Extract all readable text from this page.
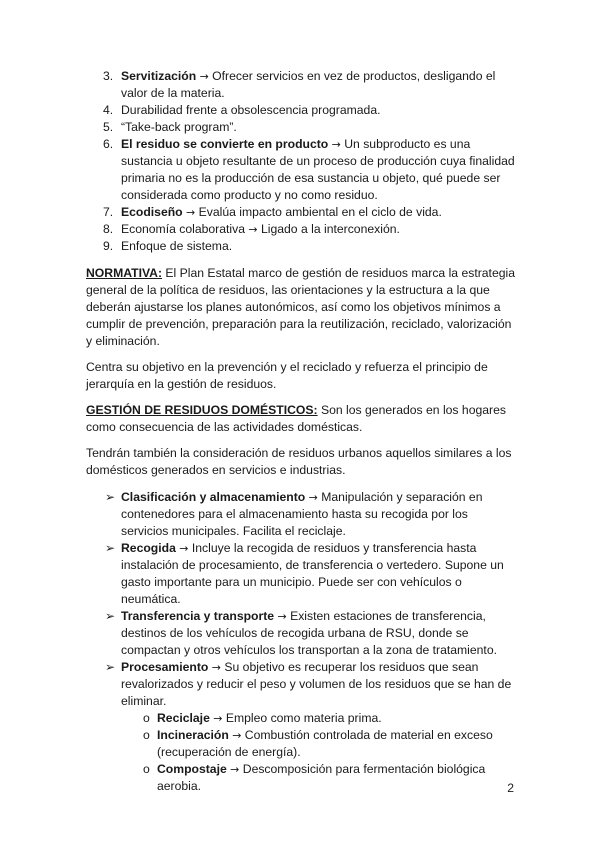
3. Servitización → Ofrecer servicios en vez de productos, desligando el valor de la materia.
4. Durabilidad frente a obsolescencia programada.
5. “Take-back program”.
6. El residuo se convierte en producto → Un subproducto es una sustancia u objeto resultante de un proceso de producción cuya finalidad primaria no es la producción de esa sustancia u objeto, qué puede ser considerada como producto y no como residuo.
7. Ecodiseño → Evalúa impacto ambiental en el ciclo de vida.
8. Economía colaborativa → Ligado a la interconexión.
9. Enfoque de sistema.

NORMATIVA: El Plan Estatal marco de gestión de residuos marca la estrategia general de la política de residuos, las orientaciones y la estructura a la que deberán ajustarse los planes autonómicos, así como los objetivos mínimos a cumplir de prevención, preparación para la reutilización, reciclado, valorización y eliminación.

Centra su objetivo en la prevención y el reciclado y refuerza el principio de jerarquía en la gestión de residuos.

GESTIÓN DE RESIDUOS DOMÉSTICOS: Son los generados en los hogares como consecuencia de las actividades domésticas.

Tendrán también la consideración de residuos urbanos aquellos similares a los domésticos generados en servicios e industrias.

➢ Clasificación y almacenamiento → Manipulación y separación en contenedores para el almacenamiento hasta su recogida por los servicios municipales. Facilita el reciclaje.
➢ Recogida → Incluye la recogida de residuos y transferencia hasta instalación de procesamiento, de transferencia o vertedero. Supone un gasto importante para un municipio. Puede ser con vehículos o neumática.
➢ Transferencia y transporte → Existen estaciones de transferencia, destinos de los vehículos de recogida urbana de RSU, donde se compactan y otros vehículos los transportan a la zona de tratamiento.
➢ Procesamiento → Su objetivo es recuperar los residuos que sean revalorizados y reducir el peso y volumen de los residuos que se han de eliminar.
o Reciclaje → Empleo como materia prima.
o Incineración → Combustión controlada de material en exceso (recuperación de energía).
o Compostaje → Descomposición para fermentación biológica aerobia.	2
